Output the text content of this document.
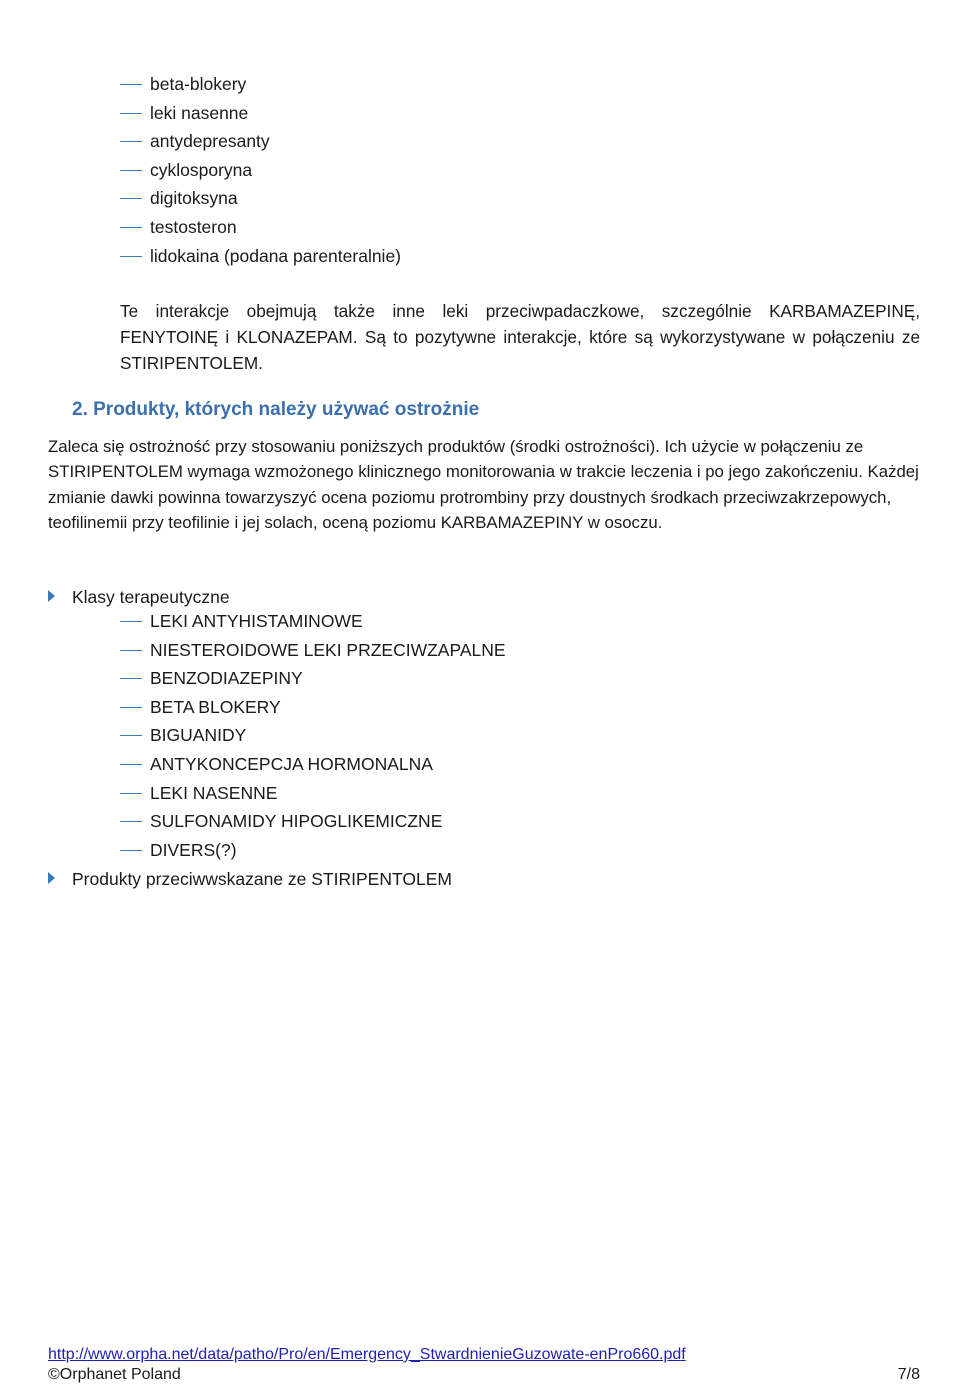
beta-blokery
leki nasenne
antydepresanty
cyklosporyna
digitoksyna
testosteron
lidokaina (podana parenteralnie)

Te interakcje obejmują także inne leki przeciwpadaczkowe, szczególnie KARBAMAZEPINĘ, FENYTOINĘ i KLONAZEPAM. Są to pozytywne interakcje, które są wykorzystywane w połączeniu ze STIRIPENTOLEM.

2. Produkty, których należy używać ostrożnie

Zaleca się ostrożność przy stosowaniu poniższych produktów (środki ostrożności). Ich użycie w połączeniu ze STIRIPENTOLEM wymaga wzmożonego klinicznego monitorowania w trakcie leczenia i po jego zakończeniu. Każdej zmianie dawki powinna towarzyszyć ocena poziomu protrombiny przy doustnych środkach przeciwzakrzepowych, teofilinemii przy teofilinie i jej solach, oceną poziomu KARBAMAZEPINY w osoczu.

Klasy terapeutyczne
LEKI ANTYHISTAMINOWE
NIESTEROIDOWE LEKI PRZECIWZAPALNE
BENZODIAZEPINY
BETA BLOKERY
BIGUANIDY
ANTYKONCEPCJA HORMONALNA
LEKI NASENNE
SULFONAMIDY HIPOGLIKEMICZNE
DIVERS(?)
Produkty przeciwwskazane ze STIRIPENTOLEM
http://www.orpha.net/data/patho/Pro/en/Emergency_StwardnienieGuzowate-enPro660.pdf
©Orphanet Poland	7/8
